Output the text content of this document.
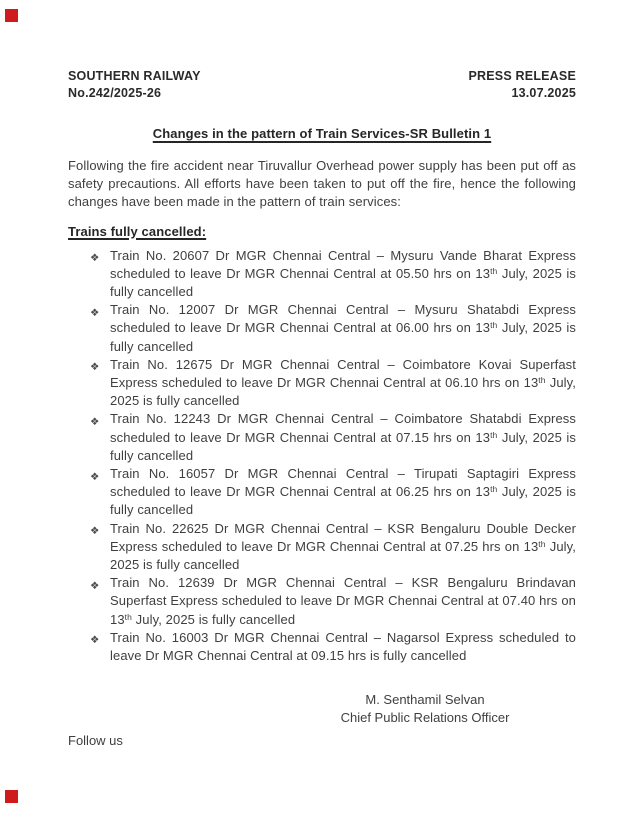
SOUTHERN RAILWAY
No.242/2025-26
PRESS RELEASE
13.07.2025
Changes in the pattern of Train Services-SR Bulletin 1
Following the fire accident near Tiruvallur Overhead power supply has been put off as safety precautions. All efforts have been taken to put off the fire, hence the following changes have been made in the pattern of train services:
Trains fully cancelled:
❖ Train No. 20607 Dr MGR Chennai Central – Mysuru Vande Bharat Express scheduled to leave Dr MGR Chennai Central at 05.50 hrs on 13th July, 2025 is fully cancelled
❖ Train No. 12007 Dr MGR Chennai Central – Mysuru Shatabdi Express scheduled to leave Dr MGR Chennai Central at 06.00 hrs on 13th July, 2025 is fully cancelled
❖ Train No. 12675 Dr MGR Chennai Central – Coimbatore Kovai Superfast Express scheduled to leave Dr MGR Chennai Central at 06.10 hrs on 13th July, 2025 is fully cancelled
❖ Train No. 12243 Dr MGR Chennai Central – Coimbatore Shatabdi Express scheduled to leave Dr MGR Chennai Central at 07.15 hrs on 13th July, 2025 is fully cancelled
❖ Train No. 16057 Dr MGR Chennai Central – Tirupati Saptagiri Express scheduled to leave Dr MGR Chennai Central at 06.25 hrs on 13th July, 2025 is fully cancelled
❖ Train No. 22625 Dr MGR Chennai Central – KSR Bengaluru Double Decker Express scheduled to leave Dr MGR Chennai Central at 07.25 hrs on 13th July, 2025 is fully cancelled
❖ Train No. 12639 Dr MGR Chennai Central – KSR Bengaluru Brindavan Superfast Express scheduled to leave Dr MGR Chennai Central at 07.40 hrs on 13th July, 2025 is fully cancelled
❖ Train No. 16003 Dr MGR Chennai Central – Nagarsol Express scheduled to leave Dr MGR Chennai Central at 09.15 hrs is fully cancelled
M. Senthamil Selvan
Chief Public Relations Officer
Follow us
